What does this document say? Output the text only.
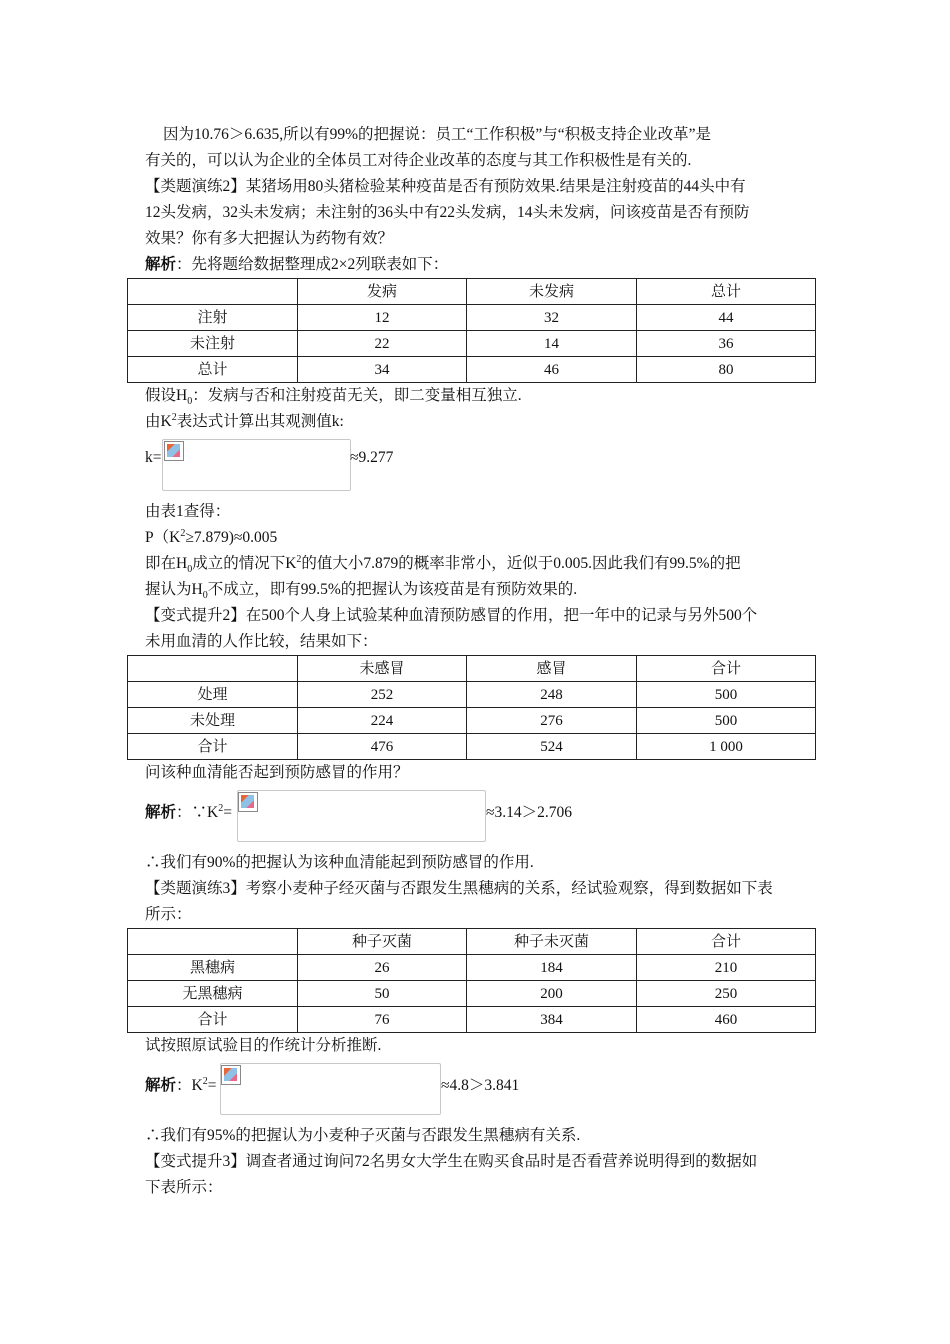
因为10.76＞6.635,所以有99%的把握说：员工“工作积极”与“积极支持企业改革”是

有关的，可以认为企业的全体员工对待企业改革的态度与其工作积极性是有关的.

【类题演练2】某猪场用80头猪检验某种疫苗是否有预防效果.结果是注射疫苗的44头中有

12头发病，32头未发病；未注射的36头中有22头发病，14头未发病，问该疫苗是否有预防

效果？你有多大把握认为药物有效？

解析：先将题给数据整理成2×2列联表如下：

	发病	未发病	总计
注射	12	32	44
未注射	22	14	36
总计	34	46	80

假设$H_0$：发病与否和注射疫苗无关，即二变量相互独立.

由$K^2$表达式计算出其观测值k:

k=	≈9.277

由表1查得：

$P(K^2\ge 7.879)\approx 0.005$

即在$H_0$成立的情况下$K^2$的值大小7.879的概率非常小，近似于0.005.因此我们有99.5%的把

握认为$H_0$不成立，即有99.5%的把握认为该疫苗是有预防效果的.

【变式提升2】在500个人身上试验某种血清预防感冒的作用，把一年中的记录与另外500个

未用血清的人作比较，结果如下：

	未感冒	感冒	合计
处理	252	248	500
未处理	224	276	500
合计	476	524	1 000

问该种血清能否起到预防感冒的作用？

解析：$\because K^2=$	≈3.14＞2.706

∴我们有90%的把握认为该种血清能起到预防感冒的作用.

【类题演练3】考察小麦种子经灭菌与否跟发生黑穗病的关系，经试验观察，得到数据如下表

所示：

	种子灭菌	种子未灭菌	合计
黑穗病	26	184	210
无黑穗病	50	200	250
合计	76	384	460

试按照原试验目的作统计分析推断.

解析：$K^2=$	≈4.8＞3.841

∴我们有95%的把握认为小麦种子灭菌与否跟发生黑穗病有关系.

【变式提升3】调查者通过询问72名男女大学生在购买食品时是否看营养说明得到的数据如

下表所示：
